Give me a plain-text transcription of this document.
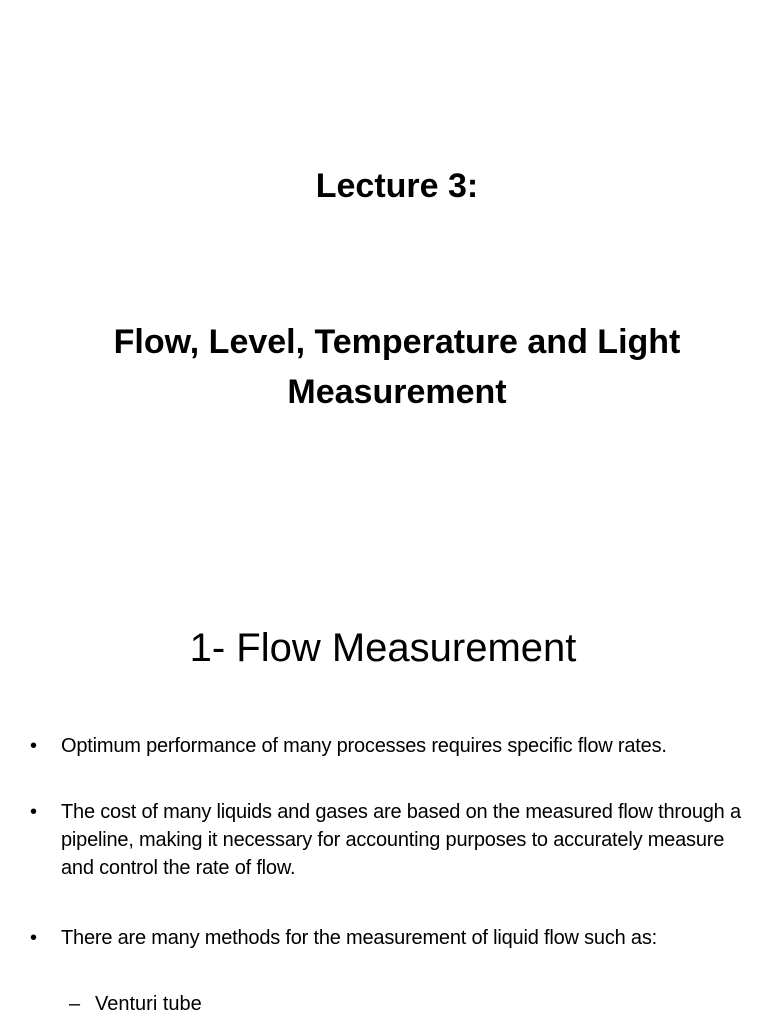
Lecture 3:
Flow, Level, Temperature and Light Measurement
1- Flow Measurement
• Optimum performance of many processes requires specific flow rates.
• The cost of many liquids and gases are based on the measured flow through a pipeline, making it necessary for accounting purposes to accurately measure and control the rate of flow.
• There are many methods for the measurement of liquid flow such as:
– Venturi tube
